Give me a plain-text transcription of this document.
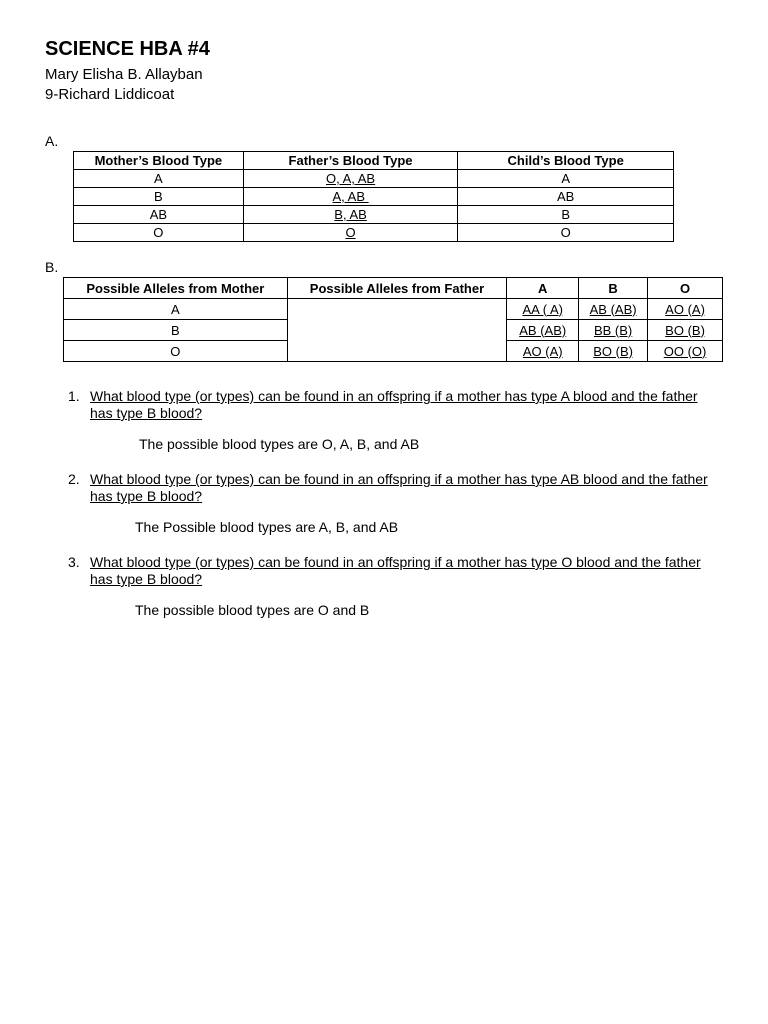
SCIENCE HBA #4
Mary Elisha B. Allayban
9-Richard Liddicoat
A.
Mother’s Blood Type	Father’s Blood Type	Child’s Blood Type
A	O, A, AB	A
B	A, AB	AB
AB	B, AB	B
O	O	O
B.
Possible Alleles from Mother	Possible Alleles from Father	A	B	O
A		AA ( A)	AB (AB)	AO (A)
B		AB (AB)	BB (B)	BO (B)
O		AO (A)	BO (B)	OO (O)
1. What blood type (or types) can be found in an offspring if a mother has type A blood and the father has type B blood?
The possible blood types are O, A, B, and AB
2. What blood type (or types) can be found in an offspring if a mother has type AB blood and the father has type B blood?
The Possible blood types are A, B, and AB
3. What blood type (or types) can be found in an offspring if a mother has type O blood and the father has type B blood?
The possible blood types are O and B
